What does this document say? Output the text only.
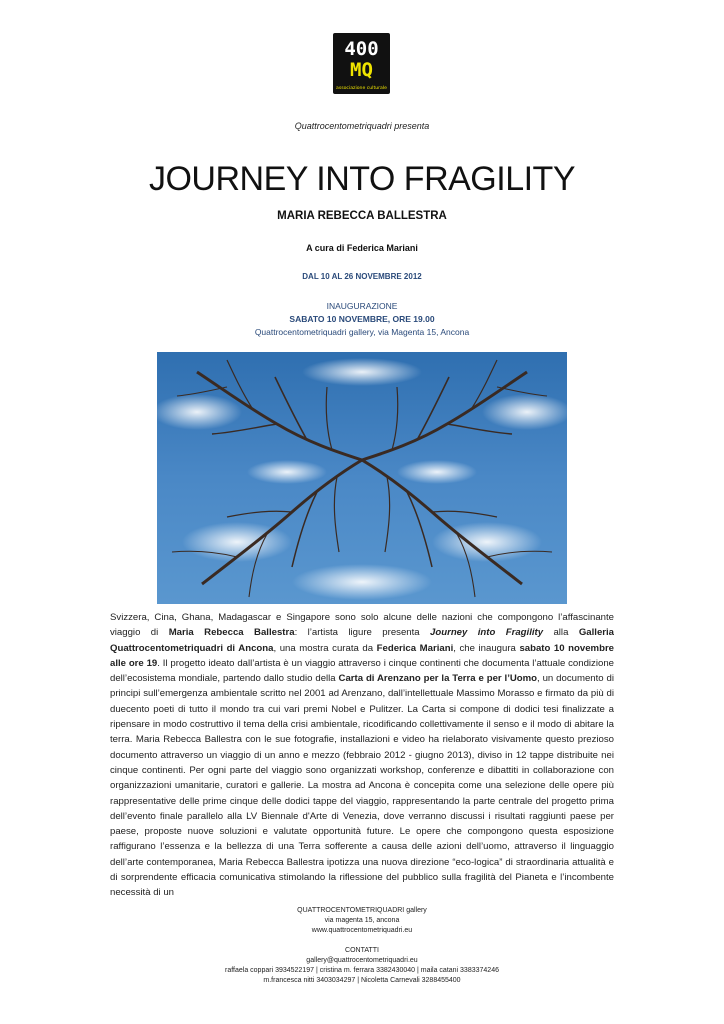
400
MQ
associazione culturale
Quattrocentometriquadri presenta
JOURNEY INTO FRAGILITY
MARIA REBECCA BALLESTRA
A cura di Federica Mariani
DAL 10 AL 26 NOVEMBRE 2012
INAUGURAZIONE
SABATO 10 NOVEMBRE, ORE 19.00
Quattrocentometriquadri gallery, via Magenta 15, Ancona
Svizzera, Cina, Ghana, Madagascar e Singapore sono solo alcune delle nazioni che compongono l’affascinante viaggio di Maria Rebecca Ballestra: l’artista ligure presenta Journey into Fragility alla Galleria Quattrocentometriquadri di Ancona, una mostra curata da Federica Mariani, che inaugura sabato 10 novembre alle ore 19. Il progetto ideato dall’artista è un viaggio attraverso i cinque continenti che documenta l’attuale condizione dell’ecosistema mondiale, partendo dallo studio della Carta di Arenzano per la Terra e per l’Uomo, un documento di principi sull’emergenza ambientale scritto nel 2001 ad Arenzano, dall’intellettuale Massimo Morasso e firmato da più di duecento poeti di tutto il mondo tra cui vari premi Nobel e Pulitzer. La Carta si compone di dodici tesi finalizzate a ripensare in modo costruttivo il tema della crisi ambientale, ricodificando collettivamente il senso e il modo di abitare la terra. Maria Rebecca Ballestra con le sue fotografie, installazioni e video ha rielaborato visivamente questo prezioso documento attraverso un viaggio di un anno e mezzo (febbraio 2012 - giugno 2013), diviso in 12 tappe distribuite nei cinque continenti. Per ogni parte del viaggio sono organizzati workshop, conferenze e dibattiti in collaborazione con organizzazioni umanitarie, curatori e gallerie. La mostra ad Ancona è concepita come una selezione delle opere più rappresentative delle prime cinque delle dodici tappe del viaggio, rappresentando la parte centrale del progetto prima dell’evento finale parallelo alla LV Biennale d'Arte di Venezia, dove verranno discussi i risultati raggiunti paese per paese, proposte nuove soluzioni e valutate opportunità future. Le opere che compongono questa esposizione raffigurano l’essenza e la bellezza di una Terra sofferente a causa delle azioni dell’uomo, attraverso il linguaggio dell’arte contemporanea, Maria Rebecca Ballestra ipotizza una nuova direzione “eco-logica” di straordinaria attualità e di sorprendente efficacia comunicativa stimolando la riflessione del pubblico sulla fragilità del Pianeta e l’incombente necessità di un
QUATTROCENTOMETRIQUADRI gallery
via magenta 15, ancona
www.quattrocentometriquadri.eu
CONTATTI
gallery@quattrocentometriquadri.eu
raffaela coppari 3934522197 | cristina m. ferrara 3382430040 | maila catani 3383374246
m.francesca nitti 3403034297 | Nicoletta Carnevali 3288455400
